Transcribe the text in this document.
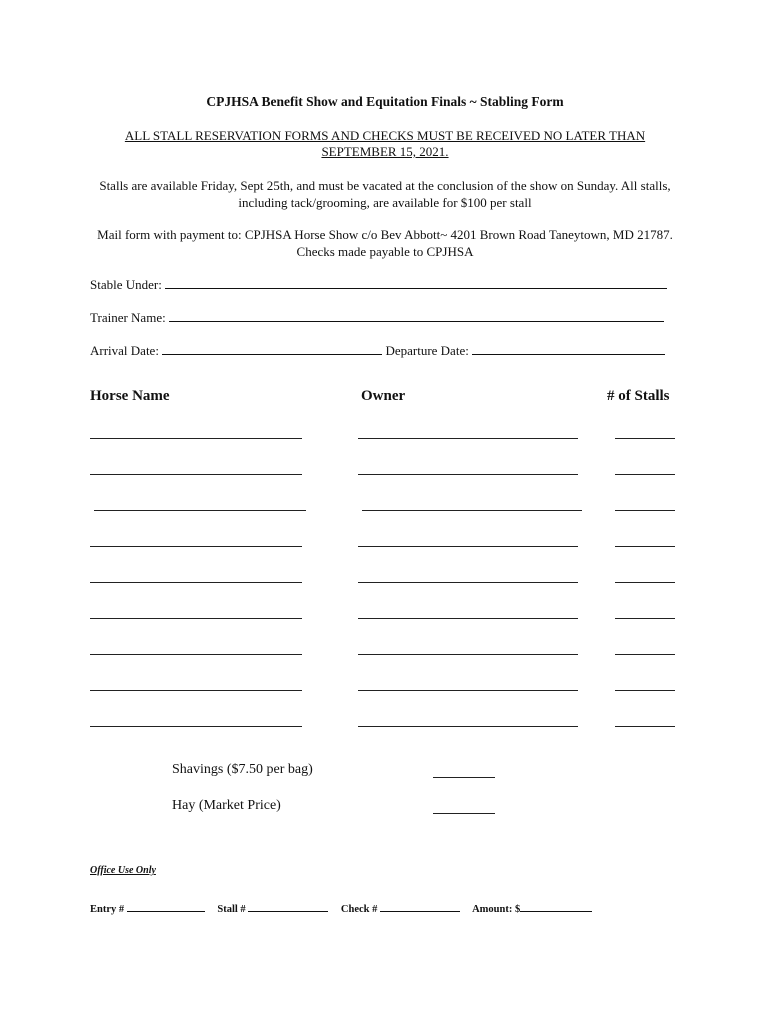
CPJHSA Benefit Show and Equitation Finals ~ Stabling Form
ALL STALL RESERVATION FORMS AND CHECKS MUST BE RECEIVED NO LATER THAN
SEPTEMBER 15, 2021.
Stalls are available Friday, Sept 25th, and must be vacated at the conclusion of the show on Sunday. All stalls, including tack/grooming, are available for $100 per stall
Mail form with payment to: CPJHSA Horse Show c/o Bev Abbott~ 4201 Brown Road Taneytown, MD 21787. Checks made payable to CPJHSA
Stable Under:
Trainer Name:
Arrival Date:	Departure Date:
Horse Name	Owner	# of Stalls
Shavings ($7.50 per bag)
Hay (Market Price)
Office Use Only
Entry #	Stall #	Check #	Amount: $
